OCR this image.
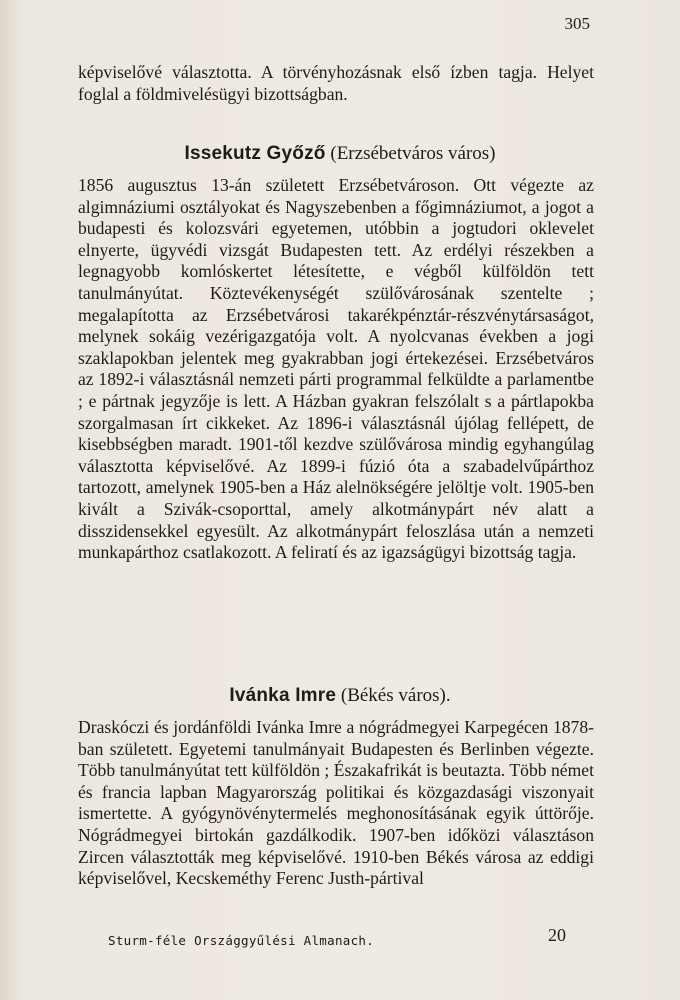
305
képviselővé választotta. A törvényhozásnak első ízben tagja. Helyet foglal a földmivelésügyi bizottságban.
Issekutz Győző (Erzsébetváros város)
1856 augusztus 13-án született Erzsébetvároson. Ott végezte az algimnáziumi osztályokat és Nagyszebenben a főgimnáziumot, a jogot a budapesti és kolozsvári egyetemen, utóbbin a jogtudori oklevelet elnyerte, ügyvédi vizsgát Budapesten tett. Az erdélyi részekben a legnagyobb komlóskertet létesítette, e végből külföldön tett tanulmányútat. Köztevékenységét szülővárosának szentelte ; megalapította az Erzsébetvárosi takarékpénztár-részvénytársaságot, melynek sokáig vezérigazgatója volt. A nyolcvanas években a jogi szaklapokban jelentek meg gyakrabban jogi értekezései. Erzsébetváros az 1892-i választásnál nemzeti párti programmal felküldte a parlamentbe ; e pártnak jegyzője is lett. A Házban gyakran felszólalt s a pártlapokba szorgalmasan írt cikkeket. Az 1896-i választásnál újólag fellépett, de kisebbségben maradt. 1901-től kezdve szülővárosa mindig egyhangúlag választotta képviselővé. Az 1899-i fúzió óta a szabadelvűpárthoz tartozott, amelynek 1905-ben a Ház alelnökségére jelöltje volt. 1905-ben kivált a Szivák-csoporttal, amely alkotmánypárt név alatt a disszidensekkel egyesült. Az alkotmánypárt feloszlása után a nemzeti munkapárthoz csatlakozott. A feliratí és az igazságügyi bizottság tagja.
Ivánka Imre (Békés város).
Draskóczi és jordánföldi Ivánka Imre a nógrádmegyei Karpegécen 1878-ban született. Egyetemi tanulmányait Budapesten és Berlinben végezte. Több tanulmányútat tett külföldön ; Északafrikát is beutazta. Több német és francia lapban Magyarország politikai és közgazdasági viszonyait ismertette. A gyógynövénytermelés meghonosításának egyik úttörője. Nógrádmegyei birtokán gazdálkodik. 1907-ben időközi választáson Zircen választották meg képviselővé. 1910-ben Békés városa az eddigi képviselővel, Kecskeméthy Ferenc Justh-pártival
Sturm-féle Országgyűlési Almanach.	20
